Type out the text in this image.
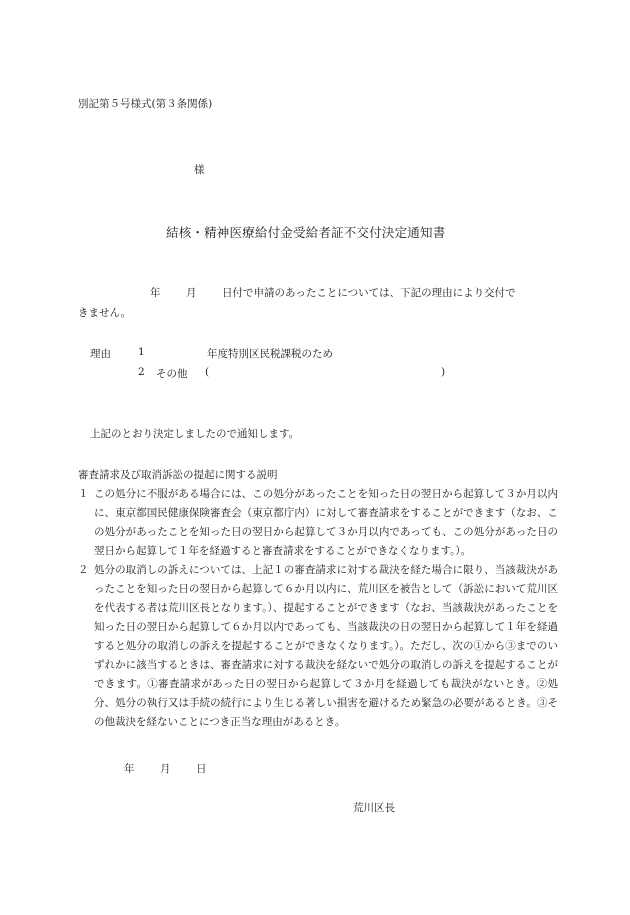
別記第５号様式(第３条関係)
様
結核・精神医療給付金受給者証不交付決定通知書
年 月 日付で申請のあったことについては、下記の理由により交付で
きません。
理由	1	年度特別区民税課税のため
2 その他 (	)
上記のとおり決定しましたので通知します。
審査請求及び取消訴訟の提起に関する説明
１ この処分に不服がある場合には、この処分があったことを知った日の翌日から起算して３か月以内に、東京都国民健康保険審査会（東京都庁内）に対して審査請求をすることができます（なお、この処分があったことを知った日の翌日から起算して３か月以内であっても、この処分があった日の翌日から起算して１年を経過すると審査請求をすることができなくなります。）。
２ 処分の取消しの訴えについては、上記１の審査請求に対する裁決を経た場合に限り、当該裁決があったことを知った日の翌日から起算して６か月以内に、荒川区を被告として（訴訟において荒川区を代表する者は荒川区長となります。）、提起することができます（なお、当該裁決があったことを知った日の翌日から起算して６か月以内であっても、当該裁決の日の翌日から起算して１年を経過すると処分の取消しの訴えを提起することができなくなります。）。ただし、次の①から③までのいずれかに該当するときは、審査請求に対する裁決を経ないで処分の取消しの訴えを提起することができます。①審査請求があった日の翌日から起算して３か月を経過しても裁決がないとき。②処分、処分の執行又は手続の続行により生じる著しい損害を避けるため緊急の必要があるとき。③その他裁決を経ないことにつき正当な理由があるとき。
年 月 日
荒川区長
